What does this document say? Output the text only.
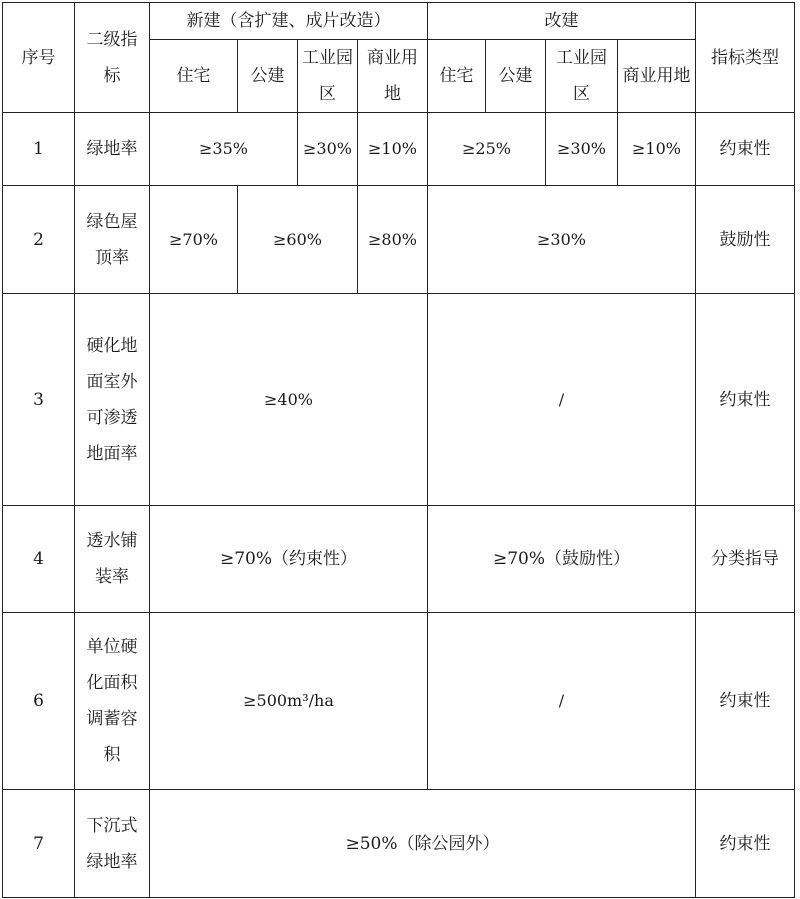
序号	二级指标	新建（含扩建、成片改造）				改建				指标类型
		住宅	公建	工业园区	商业用地	住宅	公建	工业园区	商业用地	
1	绿地率	≥35%		≥30%	≥10%	≥25%		≥30%	≥10%	约束性
2	绿色屋顶率	≥70%	≥60%		≥80%	≥30%				鼓励性
3	硬化地面室外可渗透地面率	≥40%				/				约束性
4	透水铺装率	≥70%（约束性）				≥70%（鼓励性）				分类指导
6	单位硬化面积调蓄容积	≥500m³/ha				/				约束性
7	下沉式绿地率	≥50%（除公园外）								约束性
